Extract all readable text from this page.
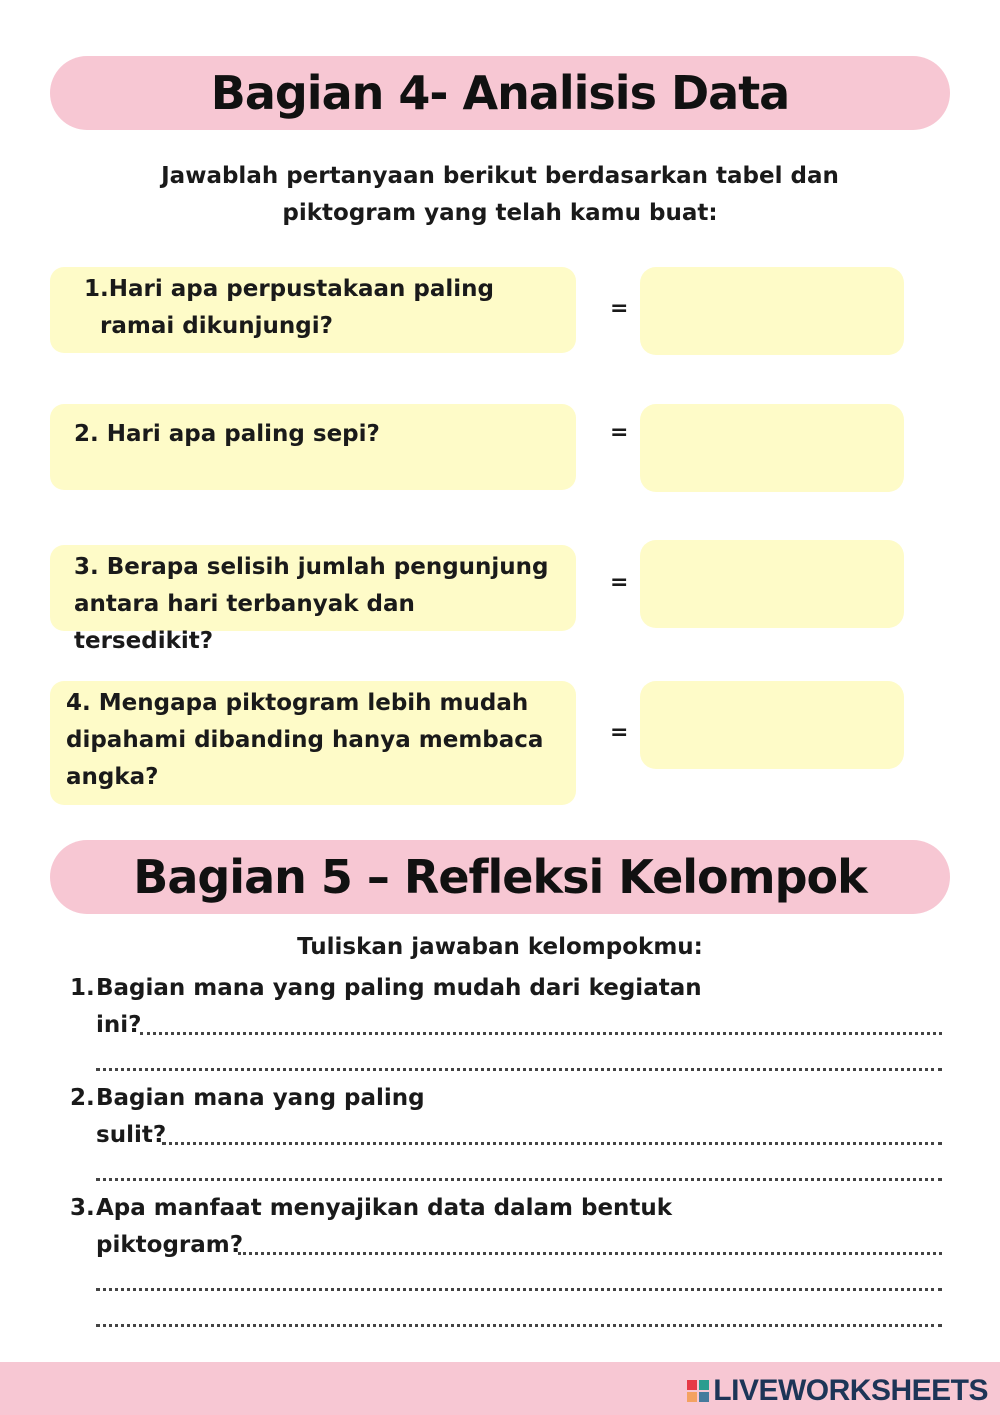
Bagian 4- Analisis Data
Jawablah pertanyaan berikut berdasarkan tabel dan
piktogram yang telah kamu buat:
1.Hari apa perpustakaan paling
ramai dikunjungi?
=
2. Hari apa paling sepi?	=
3. Berapa selisih jumlah pengunjung
antara hari terbanyak dan tersedikit?
=
4. Mengapa piktogram lebih mudah
dipahami dibanding hanya membaca
angka?
=
Bagian 5 – Refleksi Kelompok
Tuliskan jawaban kelompokmu:
1.Bagian mana yang paling mudah dari kegiatan
ini?
2.Bagian mana yang paling
sulit?
3.Apa manfaat menyajikan data dalam bentuk
piktogram?
LIVEWORKSHEETS
